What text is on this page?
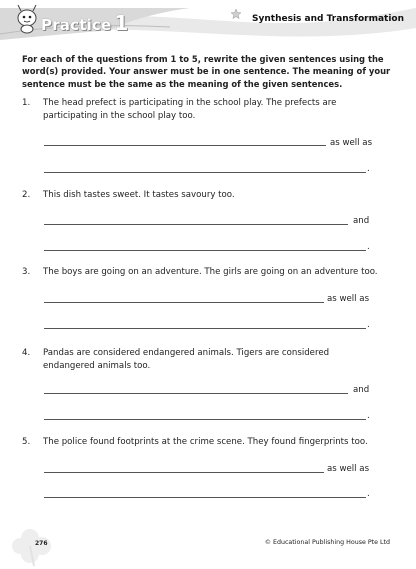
Practice 1	Synthesis and Transformation
For each of the questions from 1 to 5, rewrite the given sentences using the word(s) provided. Your answer must be in one sentence. The meaning of your sentence must be the same as the meaning of the given sentences.
1. The head prefect is participating in the school play. The prefects are participating in the school play too.
as well as
.
2. This dish tastes sweet. It tastes savoury too.
and
.
3. The boys are going on an adventure. The girls are going on an adventure too.
as well as
.
4. Pandas are considered endangered animals. Tigers are considered endangered animals too.
and
.
5. The police found footprints at the crime scene. They found fingerprints too.
as well as
.
276	© Educational Publishing House Pte Ltd
